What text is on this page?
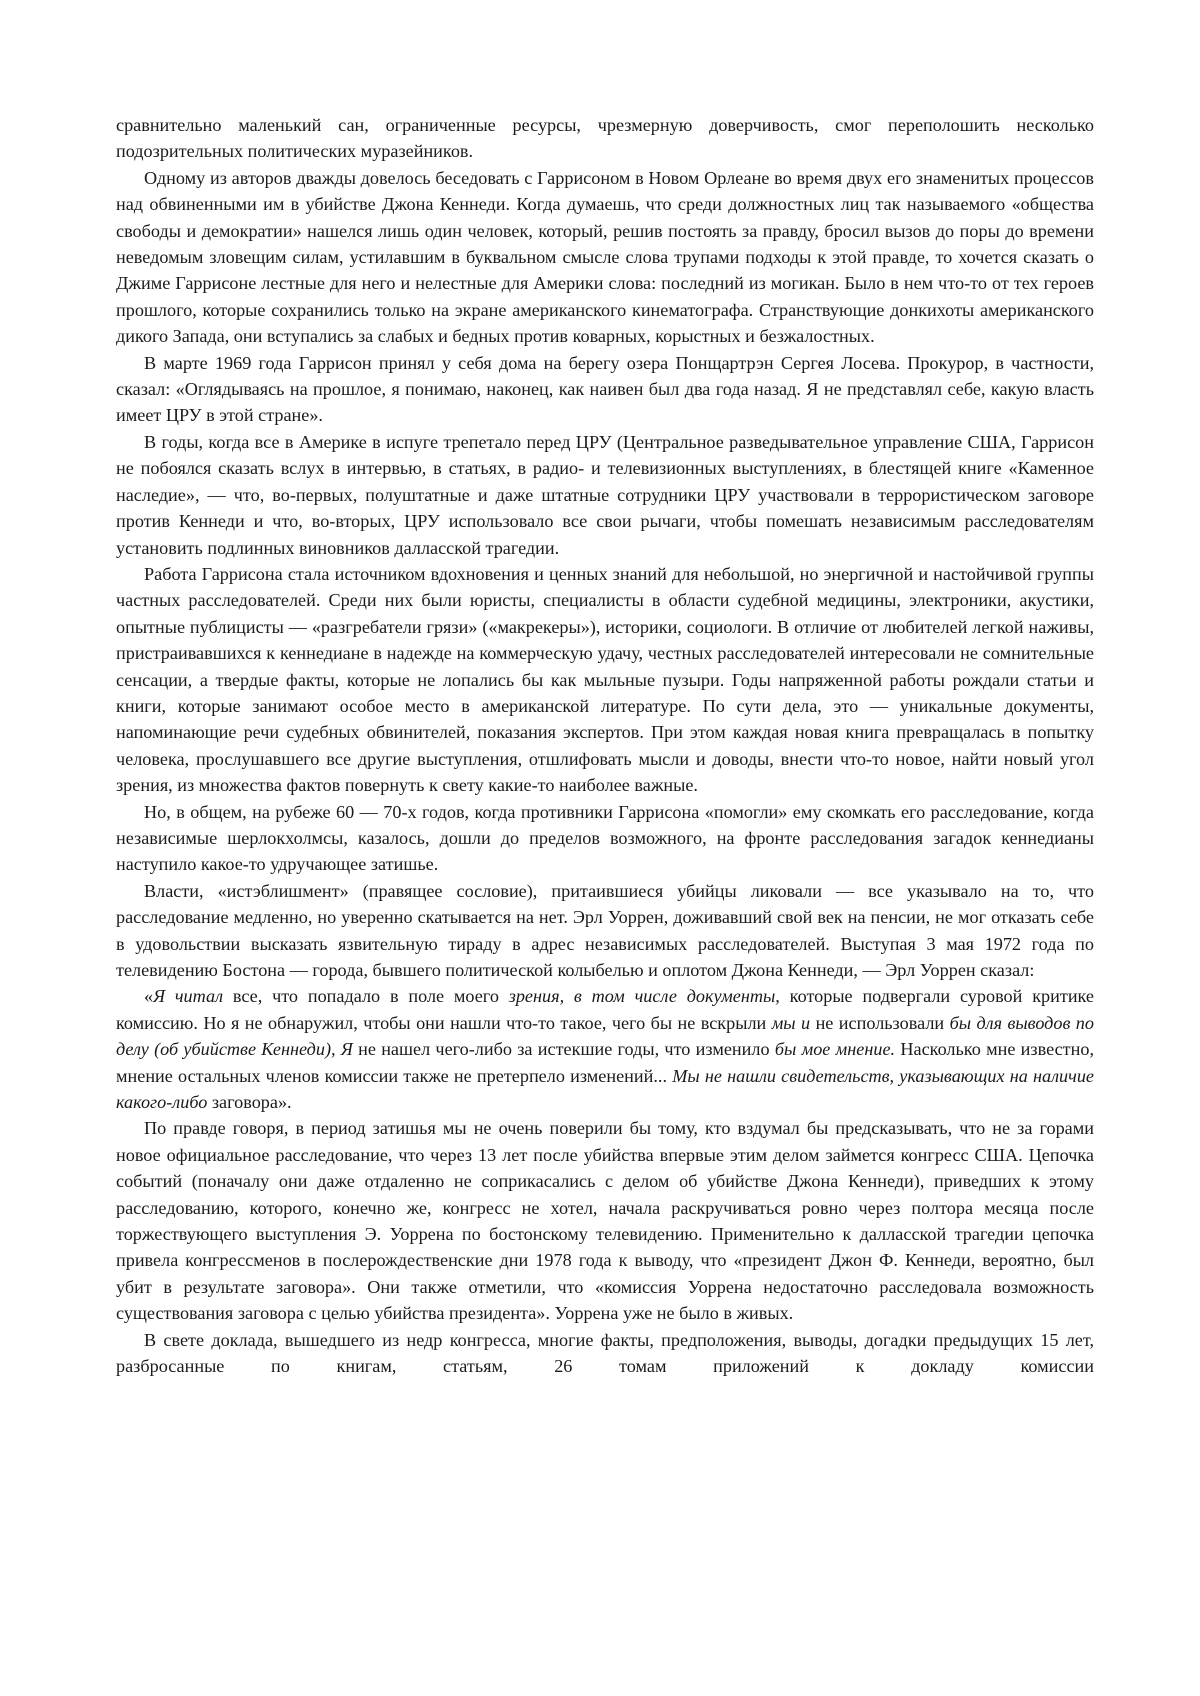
сравнительно маленький сан, ограниченные ресурсы, чрезмерную доверчивость, смог переполошить несколько подозрительных политических муразейников.

Одному из авторов дважды довелось беседовать с Гаррисоном в Новом Орлеане во время двух его знаменитых процессов над обвиненными им в убийстве Джона Кеннеди. Когда думаешь, что среди должностных лиц так называемого «общества свободы и демократии» нашелся лишь один человек, который, решив постоять за правду, бросил вызов до поры до времени неведомым зловещим силам, устилавшим в буквальном смысле слова трупами подходы к этой правде, то хочется сказать о Джиме Гаррисоне лестные для него и нелестные для Америки слова: последний из могикан. Было в нем что-то от тех героев прошлого, которые сохранились только на экране американского кинематографа. Странствующие донкихоты американского дикого Запада, они вступались за слабых и бедных против коварных, корыстных и безжалостных.

В марте 1969 года Гаррисон принял у себя дома на берегу озера Понщартрэн Сергея Лосева. Прокурор, в частности, сказал: «Оглядываясь на прошлое, я понимаю, наконец, как наивен был два года назад. Я не представлял себе, какую власть имеет ЦРУ в этой стране».

В годы, когда все в Америке в испуге трепетало перед ЦРУ (Центральное разведывательное управление США, Гаррисон не побоялся сказать вслух в интервью, в статьях, в радио- и телевизионных выступлениях, в блестящей книге «Каменное наследие», — что, во-первых, полуштатные и даже штатные сотрудники ЦРУ участвовали в террористическом заговоре против Кеннеди и что, во-вторых, ЦРУ использовало все свои рычаги, чтобы помешать независимым расследователям установить подлинных виновников далласской трагедии.

Работа Гаррисона стала источником вдохновения и ценных знаний для небольшой, но энергичной и настойчивой группы частных расследователей. Среди них были юристы, специалисты в области судебной медицины, электроники, акустики, опытные публицисты — «разгребатели грязи» («макрекеры»), историки, социологи. В отличие от любителей легкой наживы, пристраивавшихся к кеннедиане в надежде на коммерческую удачу, честных расследователей интересовали не сомнительные сенсации, а твердые факты, которые не лопались бы как мыльные пузыри. Годы напряженной работы рождали статьи и книги, которые занимают особое место в американской литературе. По сути дела, это — уникальные документы, напоминающие речи судебных обвинителей, показания экспертов. При этом каждая новая книга превращалась в попытку человека, прослушавшего все другие выступления, отшлифовать мысли и доводы, внести что-то новое, найти новый угол зрения, из множества фактов повернуть к свету какие-то наиболее важные.

Но, в общем, на рубеже 60 — 70-х годов, когда противники Гаррисона «помогли» ему скомкать его расследование, когда независимые шерлокхолмсы, казалось, дошли до пределов возможного, на фронте расследования загадок кеннедианы наступило какое-то удручающее затишье.

Власти, «истэблишмент» (правящее сословие), притаившиеся убийцы ликовали — все указывало на то, что расследование медленно, но уверенно скатывается на нет. Эрл Уоррен, доживавший свой век на пенсии, не мог отказать себе в удовольствии высказать язвительную тираду в адрес независимых расследователей. Выступая 3 мая 1972 года по телевидению Бостона — города, бывшего политической колыбелью и оплотом Джона Кеннеди, — Эрл Уоррен сказал:

«Я читал все, что попадало в поле моего зрения, в том числе документы, которые подвергали суровой критике комиссию. Но я не обнаружил, чтобы они нашли что-то такое, чего бы не вскрыли мы и не использовали бы для выводов по делу (об убийстве Кеннеди), Я не нашел чего-либо за истекшие годы, что изменило бы мое мнение. Насколько мне известно, мнение остальных членов комиссии также не претерпело изменений... Мы не нашли свидетельств, указывающих на наличие какого-либо заговора».

По правде говоря, в период затишья мы не очень поверили бы тому, кто вздумал бы предсказывать, что не за горами новое официальное расследование, что через 13 лет после убийства впервые этим делом займется конгресс США. Цепочка событий (поначалу они даже отдаленно не соприкасались с делом об убийстве Джона Кеннеди), приведших к этому расследованию, которого, конечно же, конгресс не хотел, начала раскручиваться ровно через полтора месяца после торжествующего выступления Э. Уоррена по бостонскому телевидению. Применительно к далласской трагедии цепочка привела конгрессменов в послерождественские дни 1978 года к выводу, что «президент Джон Ф. Кеннеди, вероятно, был убит в результате заговора». Они также отметили, что «комиссия Уоррена недостаточно расследовала возможность существования заговора с целью убийства президента». Уоррена уже не было в живых.

В свете доклада, вышедшего из недр конгресса, многие факты, предположения, выводы, догадки предыдущих 15 лет, разбросанные по книгам, статьям, 26 томам приложений к докладу комиссии
